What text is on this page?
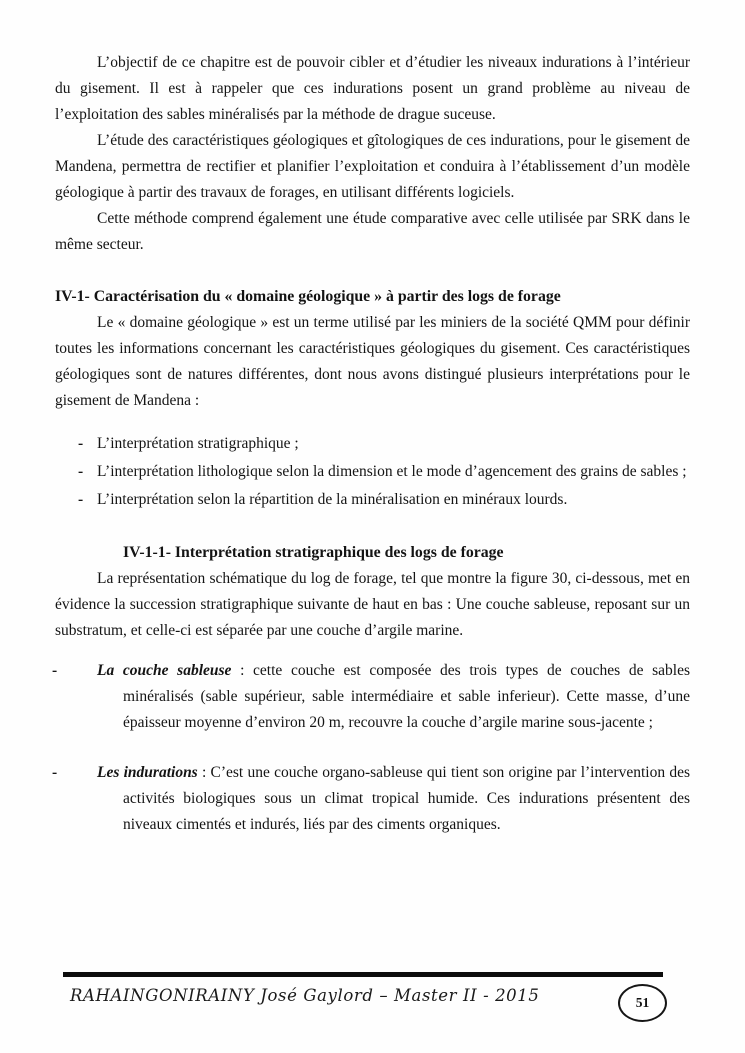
L’objectif de ce chapitre est de pouvoir cibler et d’étudier les niveaux indurations à l’intérieur du gisement. Il est à rappeler que ces indurations posent un grand problème au niveau de l’exploitation des sables minéralisés par la méthode de drague suceuse.

L’étude des caractéristiques géologiques et gîtologiques de ces indurations, pour le gisement de Mandena, permettra de rectifier et planifier l’exploitation et conduira à l’établissement d’un modèle géologique à partir des travaux de forages, en utilisant différents logiciels.

Cette méthode comprend également une étude comparative avec celle utilisée par SRK dans le même secteur.

IV-1- Caractérisation du « domaine géologique » à partir des logs de forage

Le « domaine géologique » est un terme utilisé par les miniers de la société QMM pour définir toutes les informations concernant les caractéristiques géologiques du gisement. Ces caractéristiques géologiques sont de natures différentes, dont nous avons distingué plusieurs interprétations pour le gisement de Mandena :

- L’interprétation stratigraphique ;
- L’interprétation lithologique selon la dimension et le mode d’agencement des grains de sables ;
- L’interprétation selon la répartition de la minéralisation en minéraux lourds.

IV-1-1- Interprétation stratigraphique des logs de forage

La représentation schématique du log de forage, tel que montre la figure 30, ci-dessous, met en évidence la succession stratigraphique suivante de haut en bas : Une couche sableuse, reposant sur un substratum, et celle-ci est séparée par une couche d’argile marine.

-	La couche sableuse : cette couche est composée des trois types de couches de sables minéralisés (sable supérieur, sable intermédiaire et sable inferieur). Cette masse, d’une épaisseur moyenne d’environ 20 m, recouvre la couche d’argile marine sous-jacente ;
-	Les indurations : C’est une couche organo-sableuse qui tient son origine par l’intervention des activités biologiques sous un climat tropical humide. Ces indurations présentent des niveaux cimentés et indurés, liés par des ciments organiques.
RAHAINGONIRAINY José Gaylord – Master II - 2015	51
